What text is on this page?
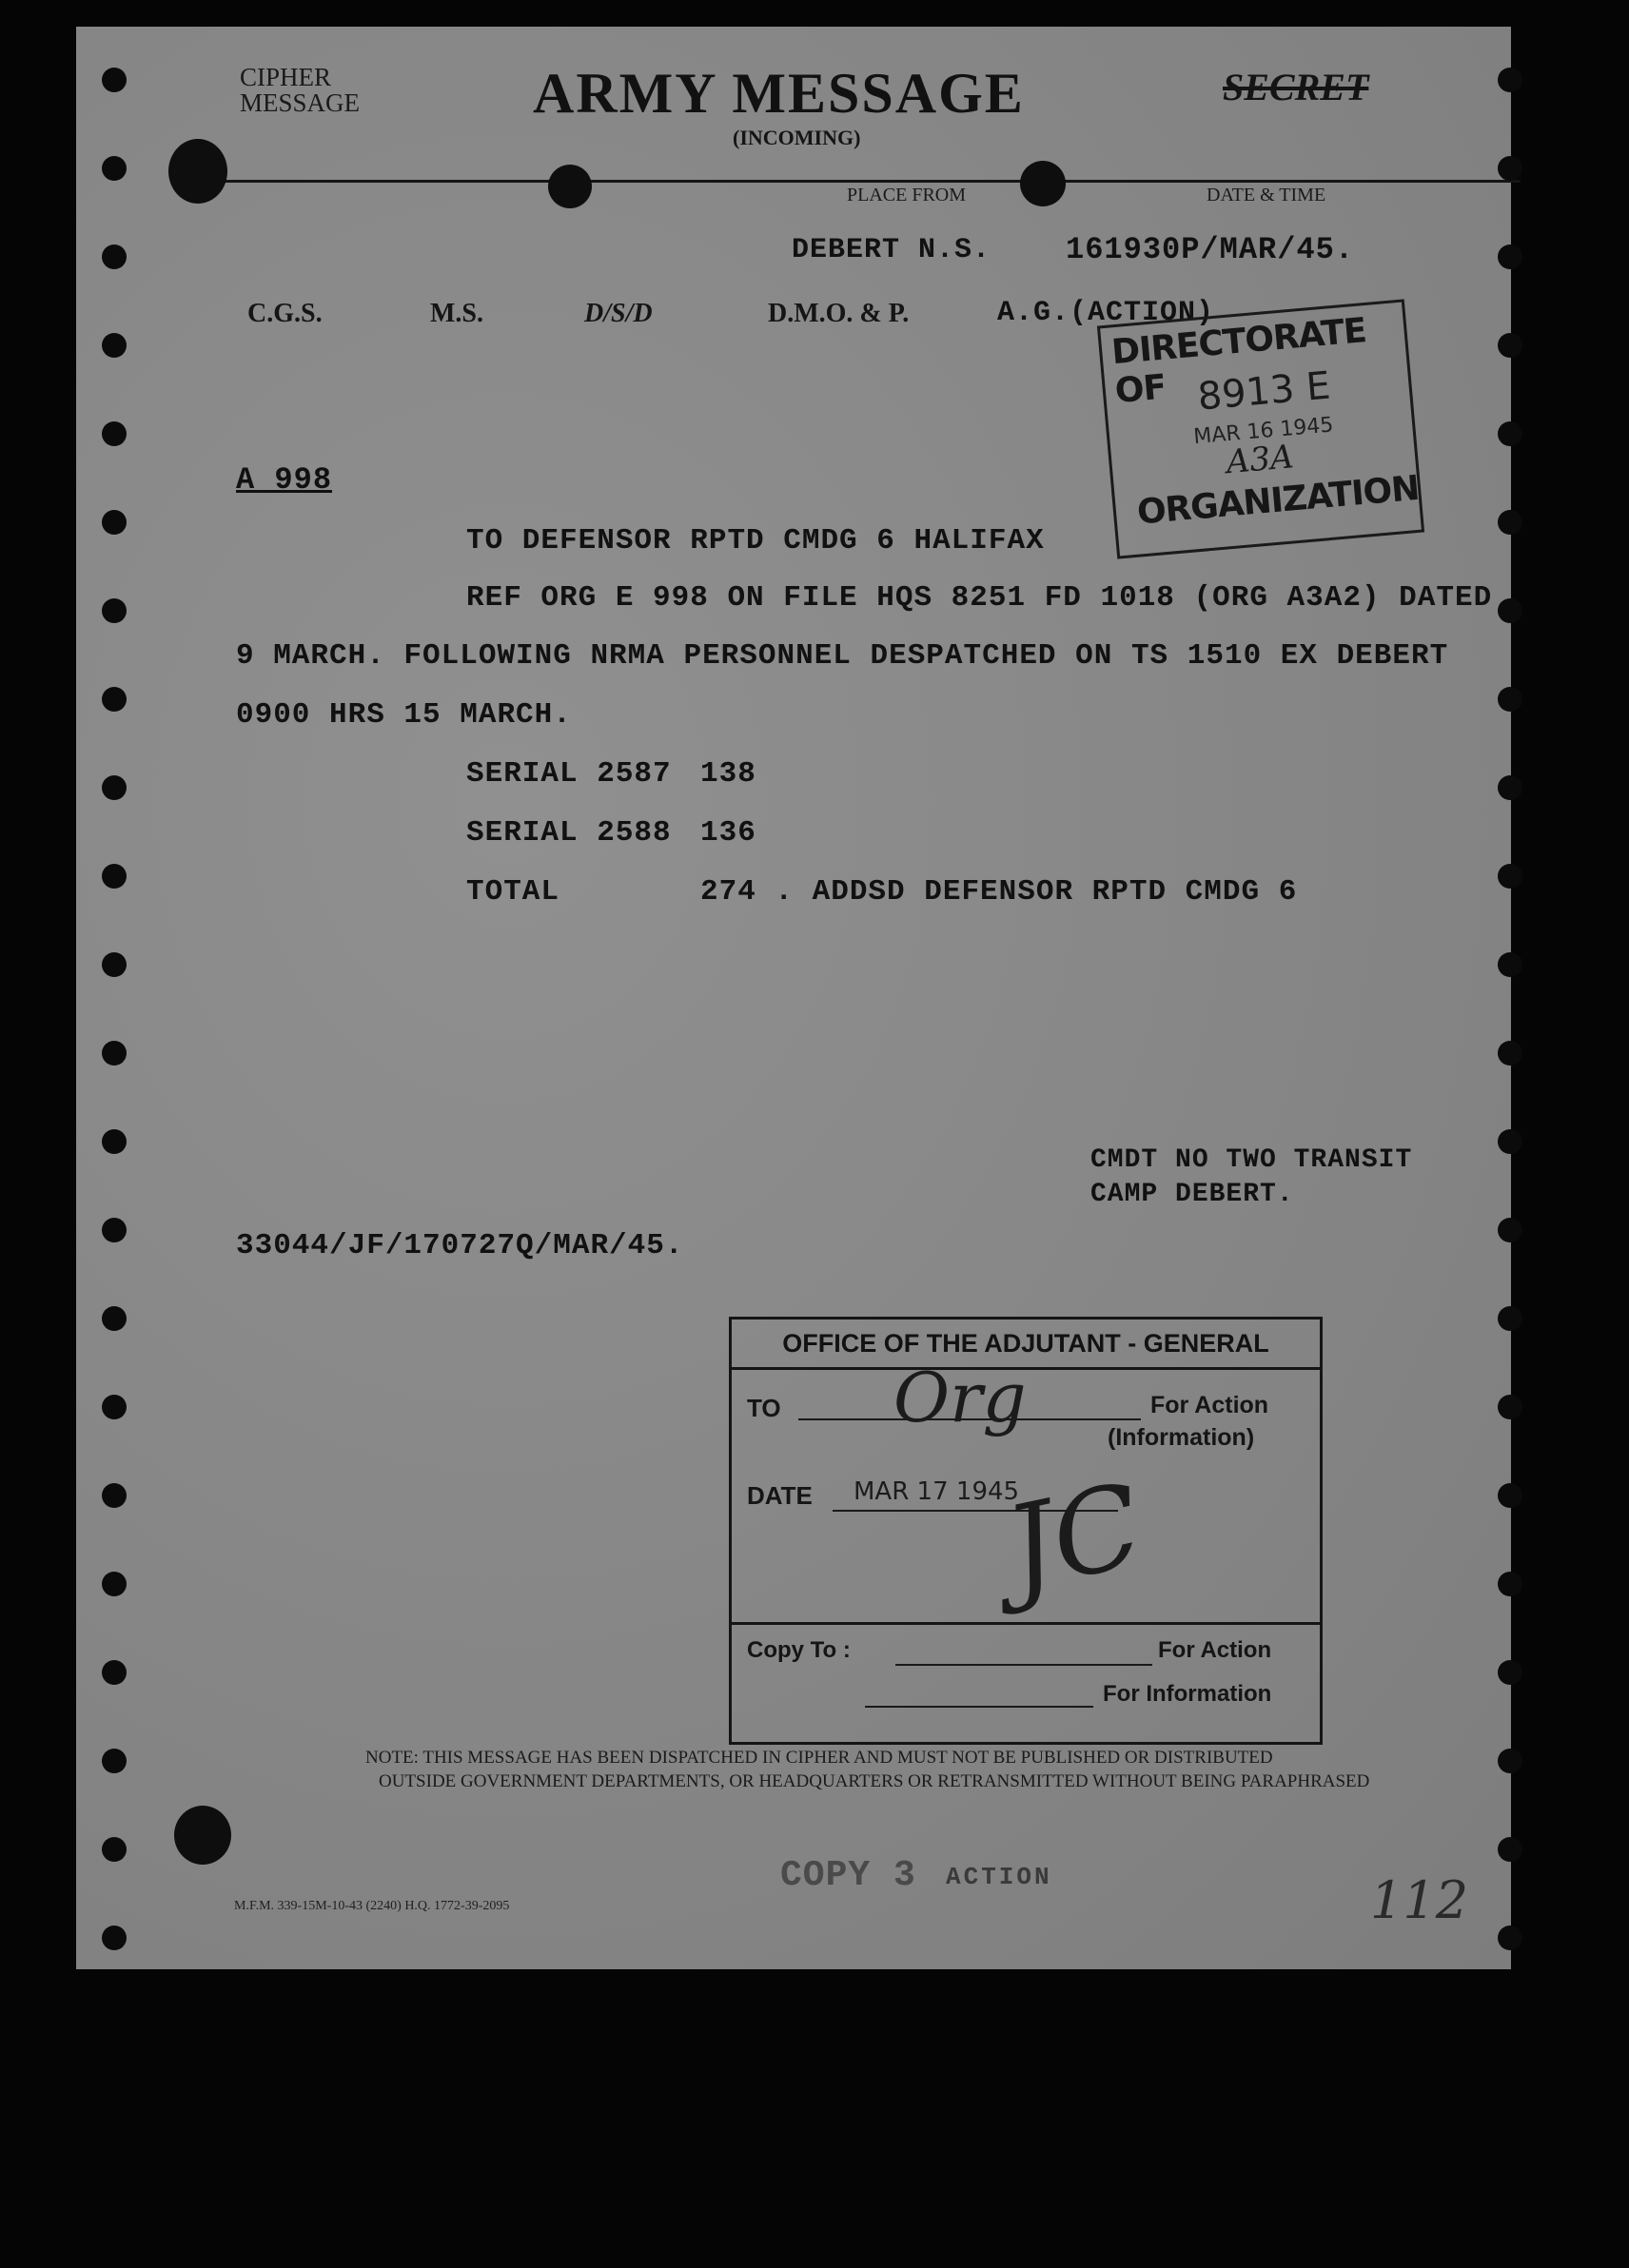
CIPHER
MESSAGE	ARMY MESSAGE
(INCOMING)
SECRET
PLACE FROM	DATE & TIME
DEBERT N.S. 161930P/MAR/45.
C.G.S.	M.S.	D/S/D	D.M.O. & P.	A.G.(ACTION)
DIRECTORATE OF 8913 E
MAR 16 1945
A3A
ORGANIZATION
A 998
TO DEFENSOR RPTD CMDG 6 HALIFAX
REF ORG E 998 ON FILE HQS 8251 FD 1018 (ORG A3A2) DATED
9 MARCH. FOLLOWING NRMA PERSONNEL DESPATCHED ON TS 1510 EX DEBERT
0900 HRS 15 MARCH.
SERIAL 2587 138
SERIAL 2588 136
TOTAL	274 . ADDSD DEFENSOR RPTD CMDG 6
CMDT NO TWO TRANSIT
CAMP DEBERT.
33044/JF/170727Q/MAR/45.
OFFICE OF THE ADJUTANT - GENERAL
TO Org	For Action
(Information)
DATE MAR 17 1945
JC
Copy To :	For Action
For Information
NOTE: THIS MESSAGE HAS BEEN DISPATCHED IN CIPHER AND MUST NOT BE PUBLISHED OR DISTRIBUTED
OUTSIDE GOVERNMENT DEPARTMENTS, OR HEADQUARTERS OR RETRANSMITTED WITHOUT BEING PARAPHRASED
COPY 3 ACTION
M.F.M. 339-15M-10-43 (2240) H.Q. 1772-39-2095	112
